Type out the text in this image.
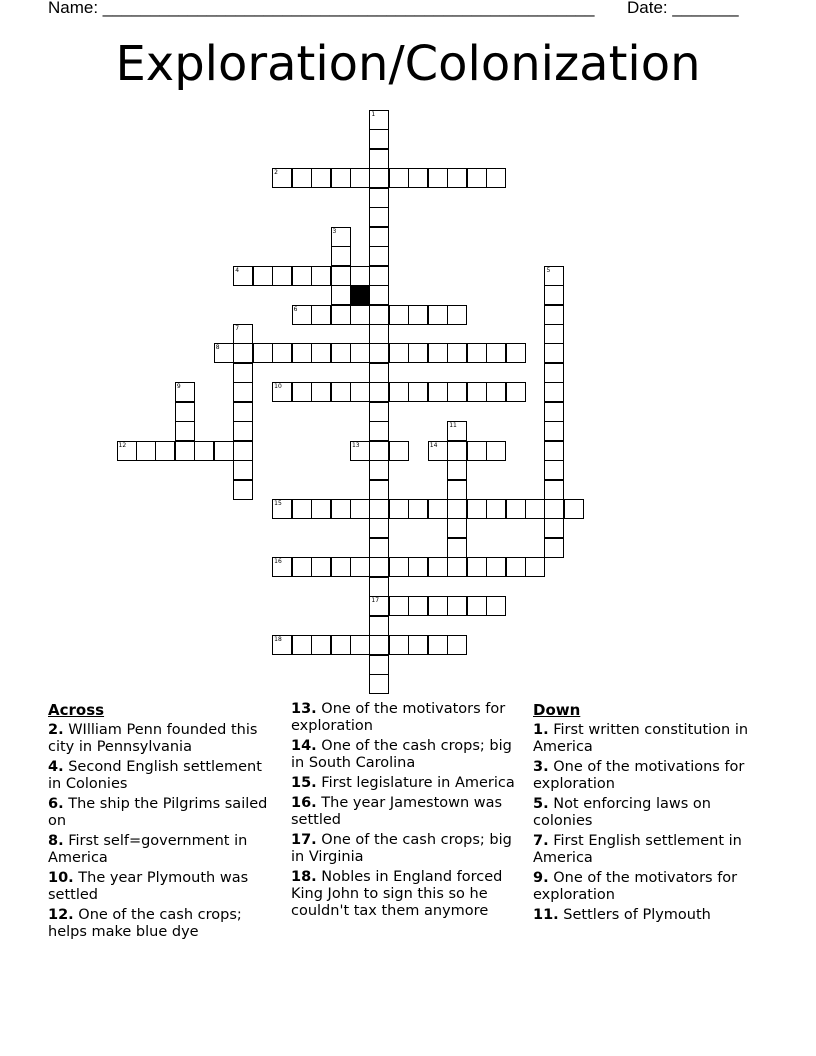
Name: ____________________________________________________ Date: _______
Exploration/Colonization
1
17
2
3
4	5
6
7
8
9	10
11
12	13	14
15
16
18
Across
2. WIlliam Penn founded this city in Pennsylvania
4. Second English settlement in Colonies
6. The ship the Pilgrims sailed on
8. First self=government in America
10. The year Plymouth was settled
12. One of the cash crops; helps make blue dye
13. One of the motivators for exploration
14. One of the cash crops; big in South Carolina
15. First legislature in America
16. The year Jamestown was settled
17. One of the cash crops; big in Virginia
18. Nobles in England forced King John to sign this so he couldn't tax them anymore
Down
1. First written constitution in America
3. One of the motivations for exploration
5. Not enforcing laws on colonies
7. First English settlement in America
9. One of the motivators for exploration
11. Settlers of Plymouth
